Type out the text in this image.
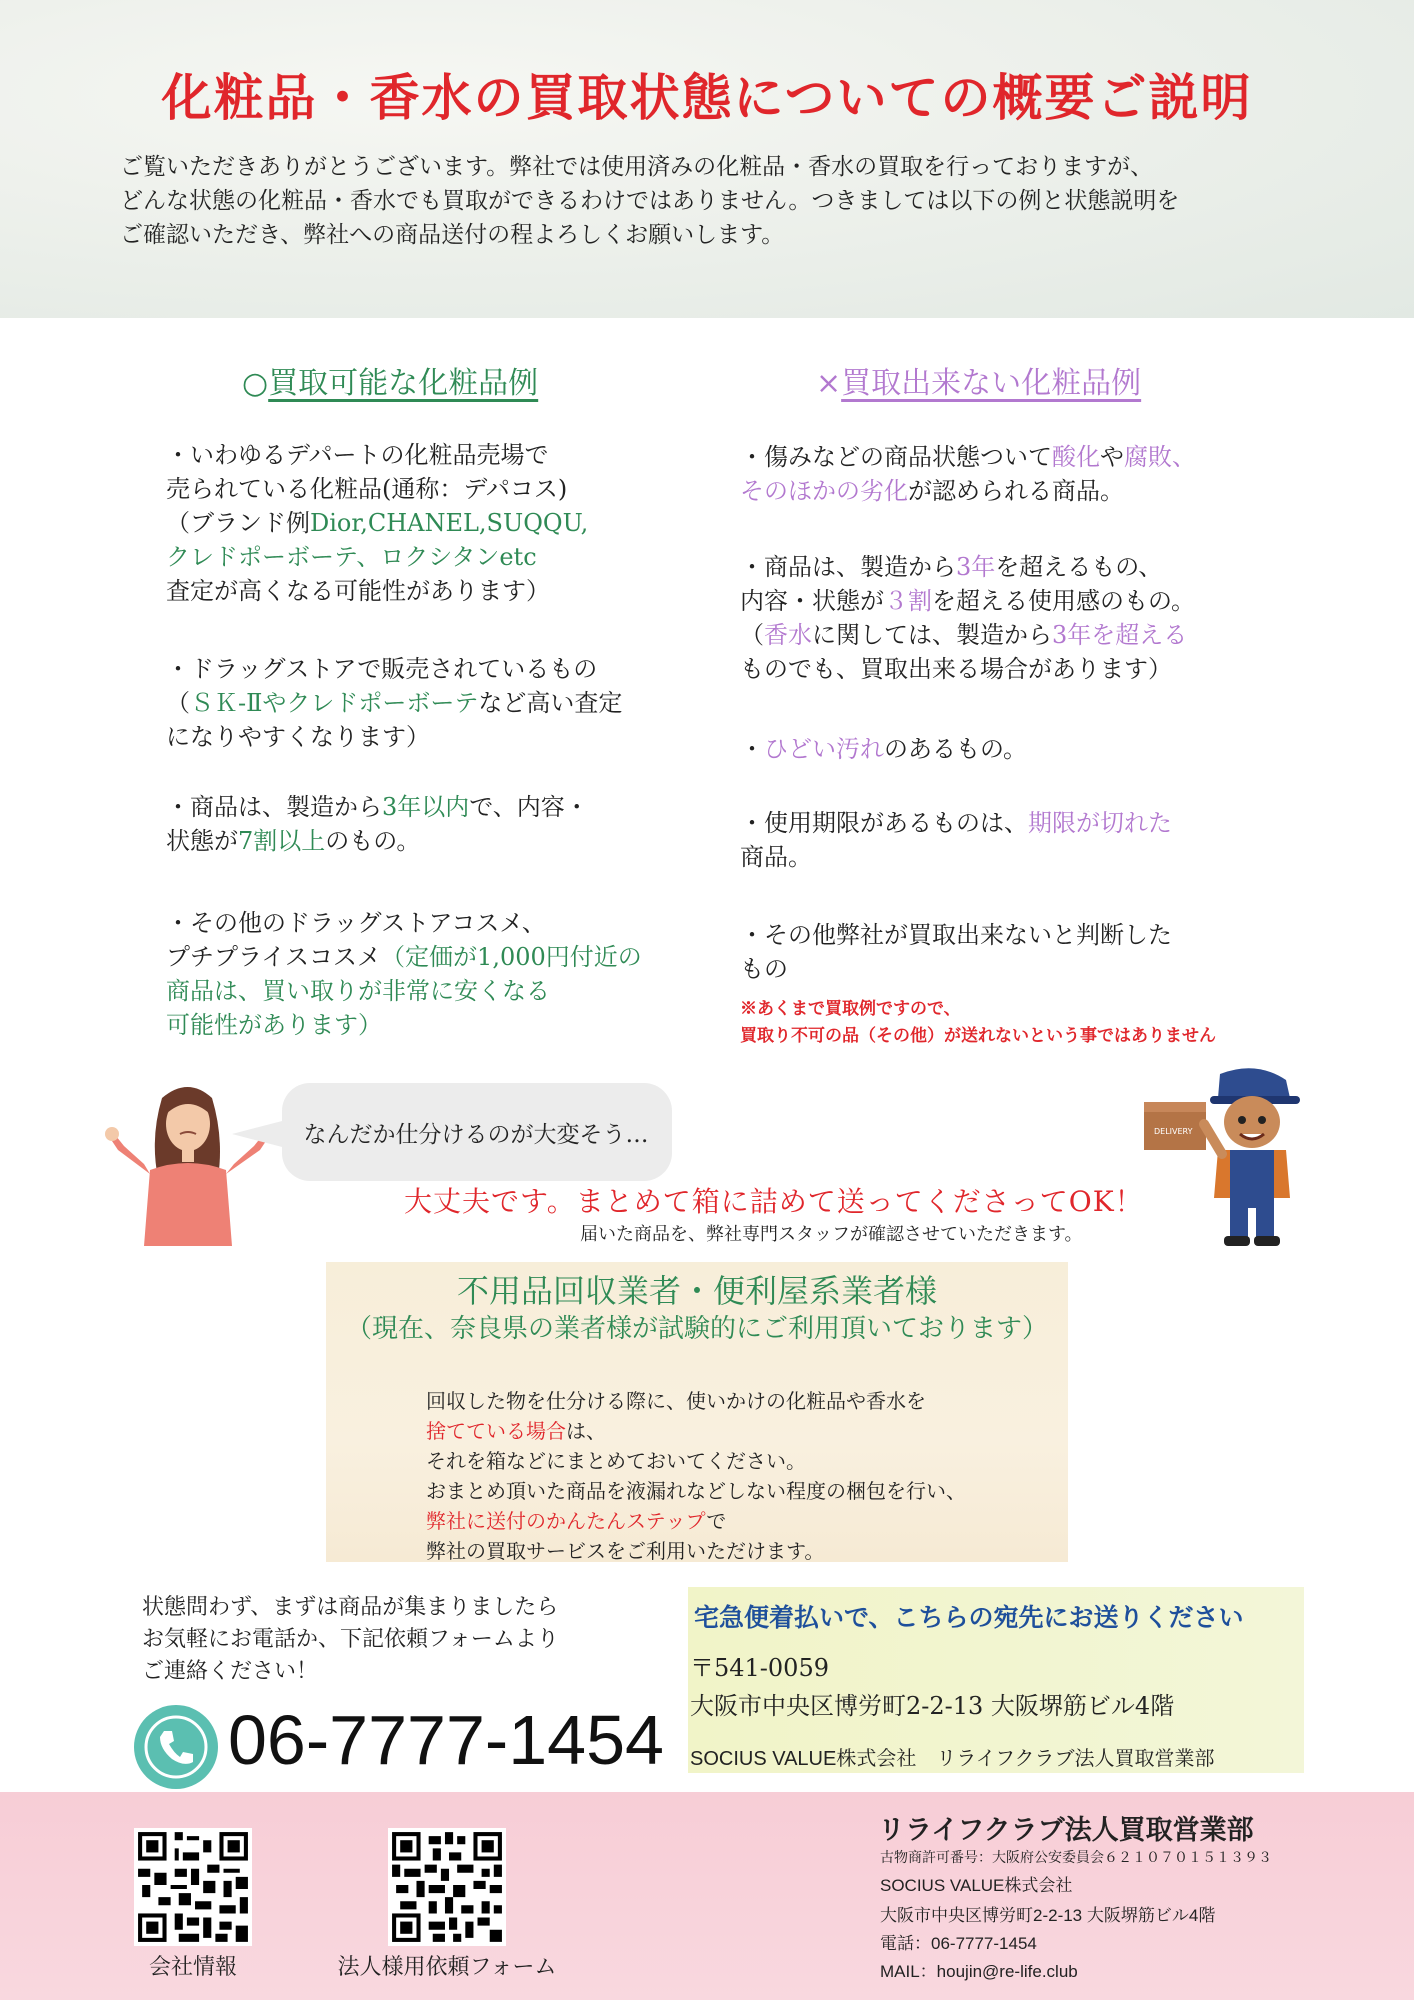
化粧品・香水の買取状態についての概要ご説明
ご覧いただきありがとうございます。弊社では使用済みの化粧品・香水の買取を行っておりますが、
どんな状態の化粧品・香水でも買取ができるわけではありません。つきましては以下の例と状態説明を
ご確認いただき、弊社への商品送付の程よろしくお願いします。
○買取可能な化粧品例
・いわゆるデパートの化粧品売場で
売られている化粧品(通称：デパコス)
（ブランド例Dior,CHANEL,SUQQU,
クレドポーボーテ、ロクシタンetc
査定が高くなる可能性があります）
・ドラッグストアで販売されているもの
（ＳＫ-Ⅱやクレドポーボーテなど高い査定
になりやすくなります）
・商品は、製造から3年以内で、内容・
状態が7割以上のもの。
・その他のドラッグストアコスメ、
プチプライスコスメ（定価が1,000円付近の
商品は、買い取りが非常に安くなる
可能性があります）
×買取出来ない化粧品例
・傷みなどの商品状態ついて酸化や腐敗、
そのほかの劣化が認められる商品。
・商品は、製造から3年を超えるもの、
内容・状態が３割を超える使用感のもの。
（香水に関しては、製造から3年を超える
ものでも、買取出来る場合があります）
・ひどい汚れのあるもの。
・使用期限があるものは、期限が切れた
商品。
・その他弊社が買取出来ないと判断した
もの
※あくまで買取例ですので、
買取り不可の品（その他）が送れないという事ではありません
なんだか仕分けるのが大変そう…	DELIVERY
大丈夫です。まとめて箱に詰めて送ってくださってOK！
届いた商品を、弊社専門スタッフが確認させていただきます。
不用品回収業者・便利屋系業者様
（現在、奈良県の業者様が試験的にご利用頂いております）
回収した物を仕分ける際に、使いかけの化粧品や香水を
捨てている場合は、
それを箱などにまとめておいてください。
おまとめ頂いた商品を液漏れなどしない程度の梱包を行い、
弊社に送付のかんたんステップで
弊社の買取サービスをご利用いただけます。
状態問わず、まずは商品が集まりましたら
お気軽にお電話か、下記依頼フォームより
ご連絡ください！
06-7777-1454
宅急便着払いで、こちらの宛先にお送りください
〒541-0059
大阪市中央区博労町2-2-13 大阪堺筋ビル4階
SOCIUS VALUE株式会社　リライフクラブ法人買取営業部
会社情報	法人様用依頼フォーム
リライフクラブ法人買取営業部
古物商許可番号：大阪府公安委員会６２１０７０１５１３９３
SOCIUS VALUE株式会社
大阪市中央区博労町2-2-13 大阪堺筋ビル4階
電話：06-7777-1454
MAIL：houjin@re-life.club
